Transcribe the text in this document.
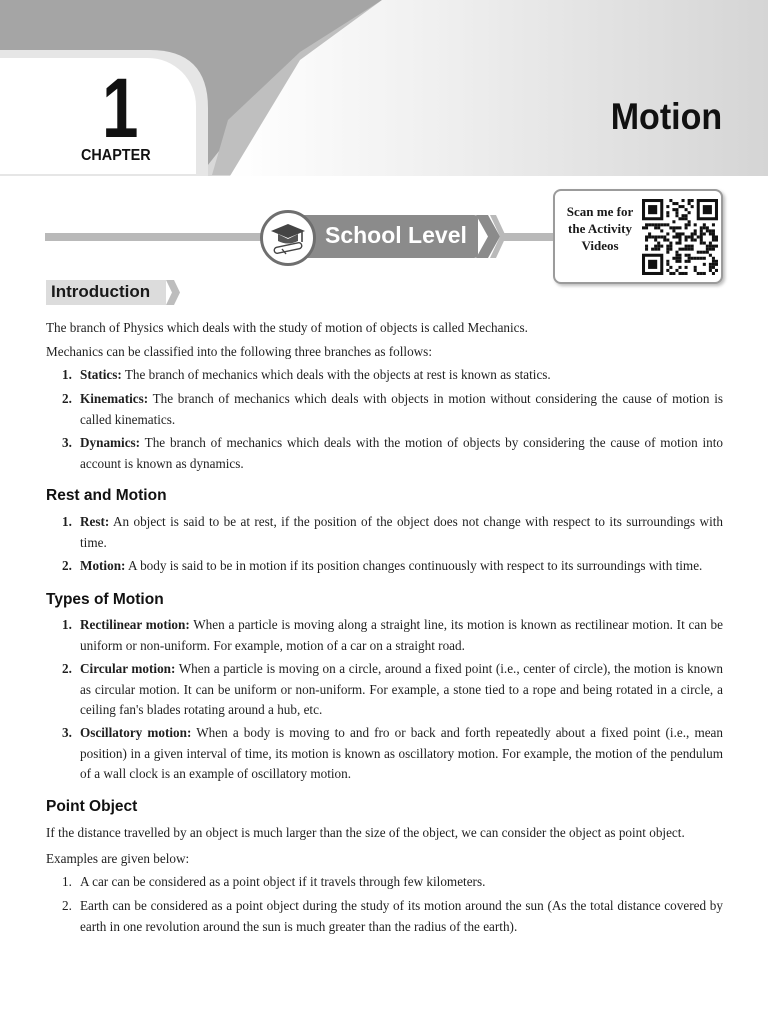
1
CHAPTER
Motion
School Level
Scan me for the Activity Videos
Introduction

The branch of Physics which deals with the study of motion of objects is called Mechanics.

Mechanics can be classified into the following three branches as follows:

1. Statics: The branch of mechanics which deals with the objects at rest is known as statics.
2. Kinematics: The branch of mechanics which deals with objects in motion without considering the cause of motion is called kinematics.
3. Dynamics: The branch of mechanics which deals with the motion of objects by considering the cause of motion into account is known as dynamics.
Rest and Motion
1. Rest: An object is said to be at rest, if the position of the object does not change with respect to its surroundings with time.
2. Motion: A body is said to be in motion if its position changes continuously with respect to its surroundings with time.
Types of Motion
1. Rectilinear motion: When a particle is moving along a straight line, its motion is known as rectilinear motion. It can be uniform or non-uniform. For example, motion of a car on a straight road.
2. Circular motion: When a particle is moving on a circle, around a fixed point (i.e., center of circle), the motion is known as circular motion. It can be uniform or non-uniform. For example, a stone tied to a rope and being rotated in a circle, a ceiling fan's blades rotating around a hub, etc.
3. Oscillatory motion: When a body is moving to and fro or back and forth repeatedly about a fixed point (i.e., mean position) in a given interval of time, its motion is known as oscillatory motion. For example, the motion of the pendulum of a wall clock is an example of oscillatory motion.
Point Object

If the distance travelled by an object is much larger than the size of the object, we can consider the object as point object.

Examples are given below:

1. A car can be considered as a point object if it travels through few kilometers.
2. Earth can be considered as a point object during the study of its motion around the sun (As the total distance covered by earth in one revolution around the sun is much greater than the radius of the earth).
